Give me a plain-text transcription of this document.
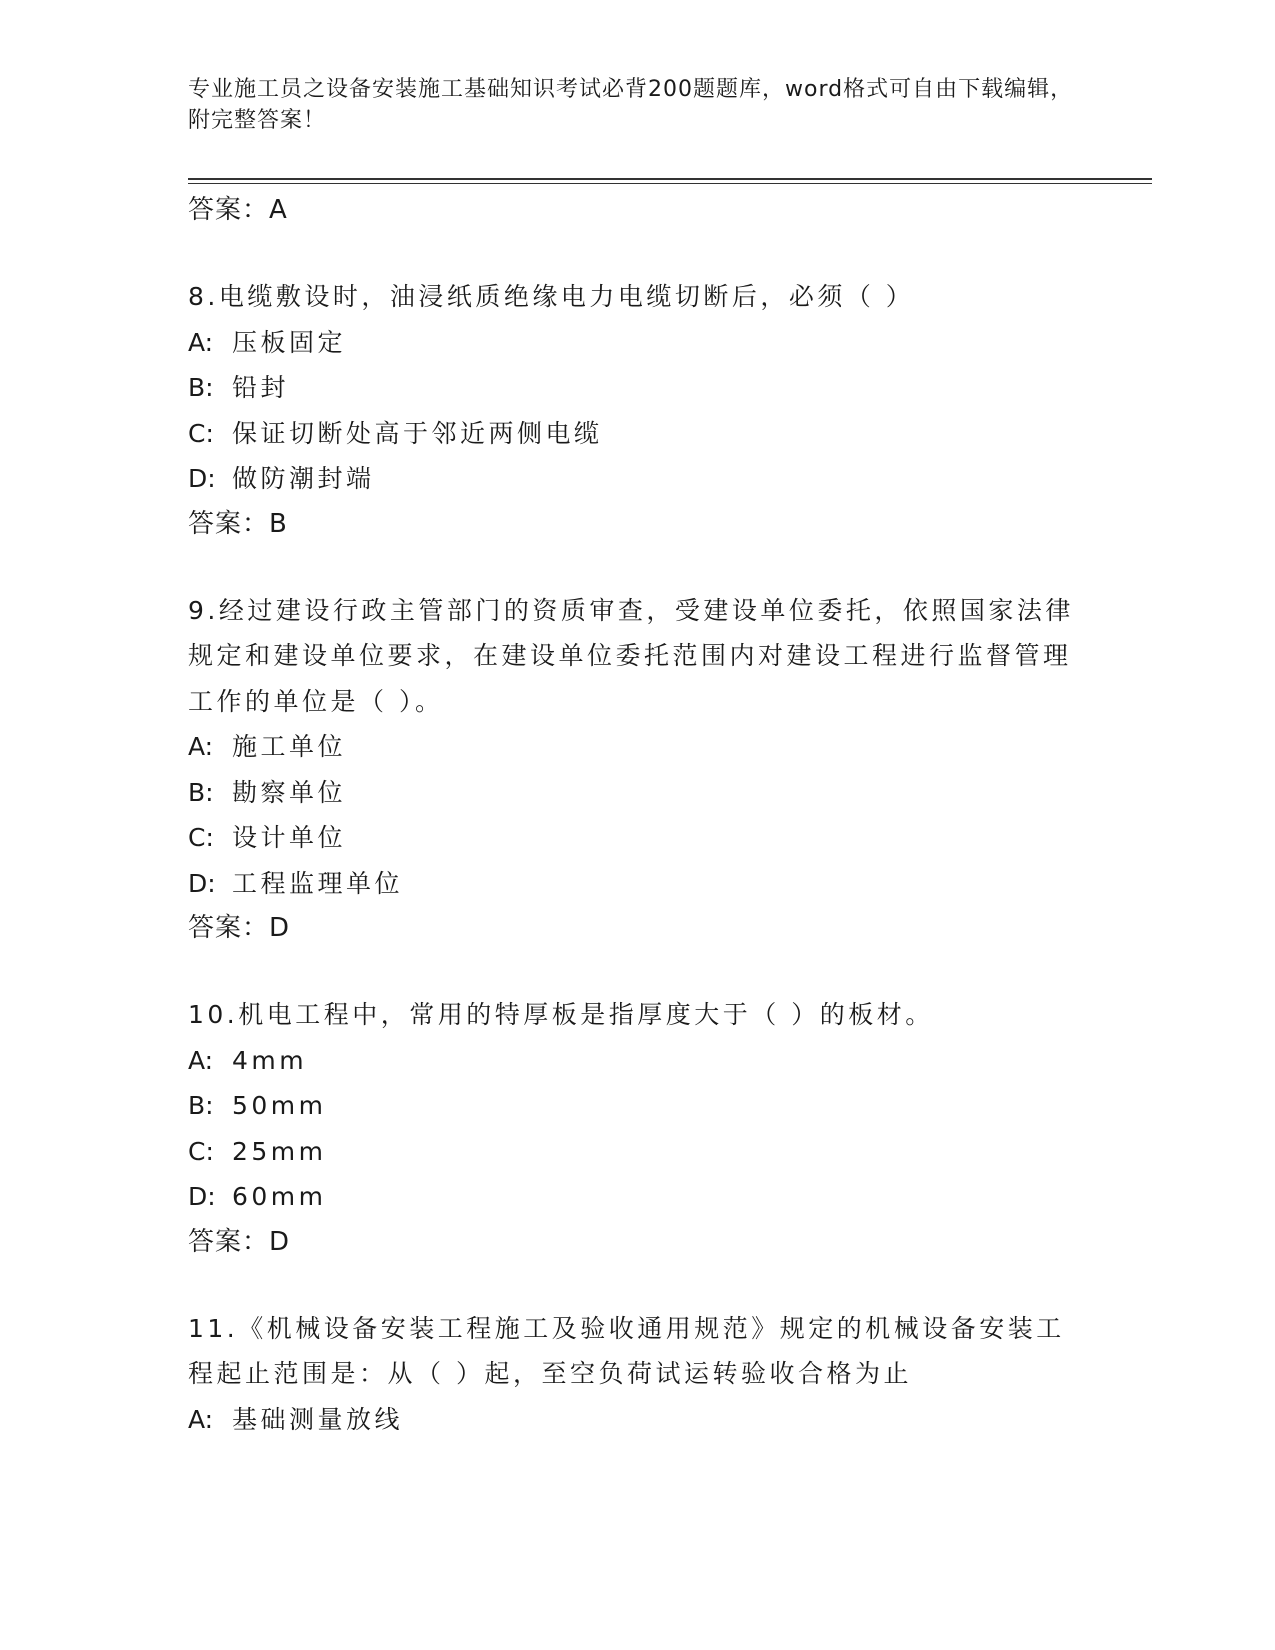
专业施工员之设备安装施工基础知识考试必背200题题库，word格式可自由下载编辑，附完整答案！
答案：A
8.电缆敷设时，油浸纸质绝缘电力电缆切断后，必须（ ）
A: 压板固定
B: 铅封
C: 保证切断处高于邻近两侧电缆
D: 做防潮封端
答案：B
9.经过建设行政主管部门的资质审查，受建设单位委托，依照国家法律规定和建设单位要求，在建设单位委托范围内对建设工程进行监督管理工作的单位是（ ）。
A: 施工单位
B: 勘察单位
C: 设计单位
D: 工程监理单位
答案：D
10.机电工程中，常用的特厚板是指厚度大于（ ）的板材。
A: 4mm
B: 50mm
C: 25mm
D: 60mm
答案：D
11.《机械设备安装工程施工及验收通用规范》规定的机械设备安装工程起止范围是：从（ ）起，至空负荷试运转验收合格为止
A: 基础测量放线
